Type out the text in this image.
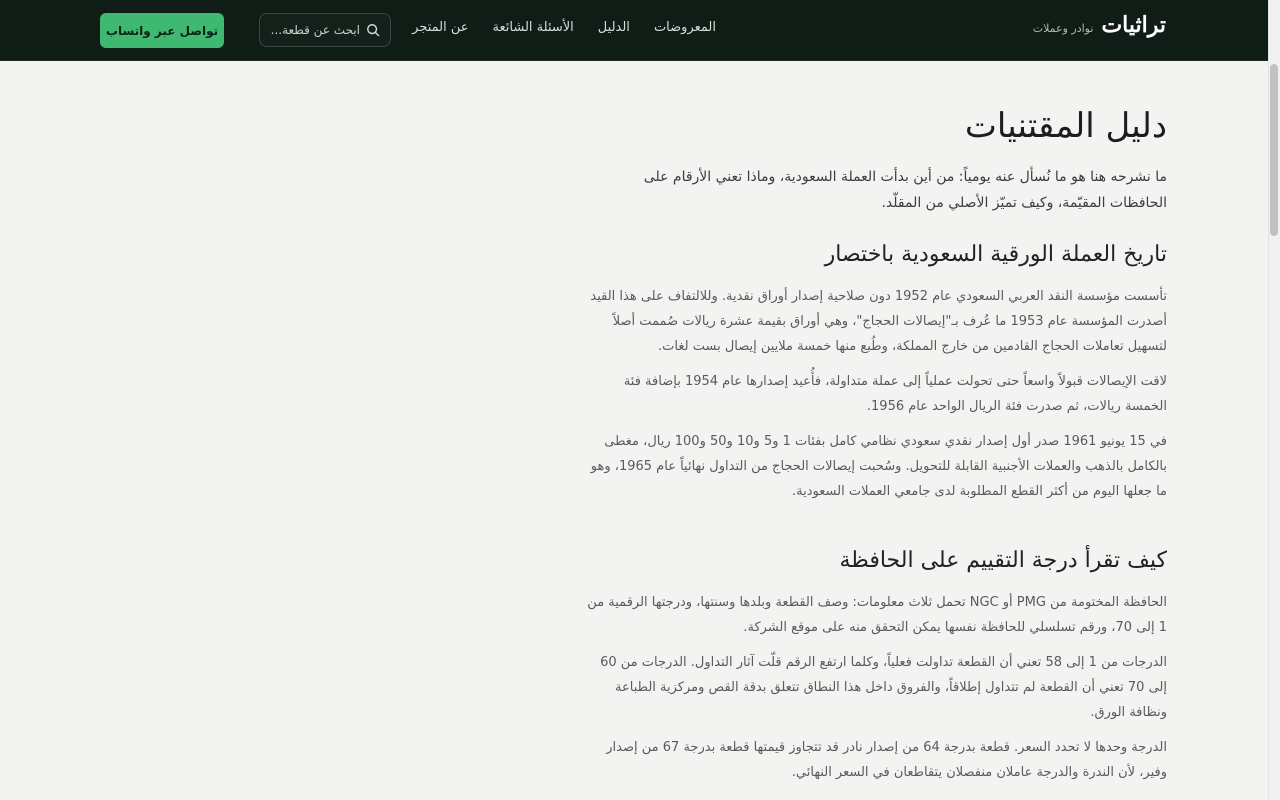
تراثيات
نوادر وعملات
المعروضات
الدليل
الأسئلة الشائعة
عن المتجر
ابحث عن قطعة...
تواصل عبر واتساب
دليل المقتنيات

ما نشرحه هنا هو ما نُسأل عنه يومياً: من أين بدأت العملة السعودية، وماذا تعني الأرقام على الحافظات المقيّمة، وكيف تميّز الأصلي من المقلّد.

تاريخ العملة الورقية السعودية باختصار

تأسست مؤسسة النقد العربي السعودي عام 1952 دون صلاحية إصدار أوراق نقدية. وللالتفاف على هذا القيد أصدرت المؤسسة عام 1953 ما عُرف بـ"إيصالات الحجاج"، وهي أوراق بقيمة عشرة ريالات صُممت أصلاً لتسهيل تعاملات الحجاج القادمين من خارج المملكة، وطُبع منها خمسة ملايين إيصال بست لغات.

لاقت الإيصالات قبولاً واسعاً حتى تحولت عملياً إلى عملة متداولة، فأُعيد إصدارها عام 1954 بإضافة فئة الخمسة ريالات، ثم صدرت فئة الريال الواحد عام 1956.

في 15 يونيو 1961 صدر أول إصدار نقدي سعودي نظامي كامل بفئات 1 و5 و10 و50 و100 ريال، مغطى بالكامل بالذهب والعملات الأجنبية القابلة للتحويل. وسُحبت إيصالات الحجاج من التداول نهائياً عام 1965، وهو ما جعلها اليوم من أكثر القطع المطلوبة لدى جامعي العملات السعودية.

كيف تقرأ درجة التقييم على الحافظة

الحافظة المختومة من PMG أو NGC تحمل ثلاث معلومات: وصف القطعة وبلدها وسنتها، ودرجتها الرقمية من 1 إلى 70، ورقم تسلسلي للحافظة نفسها يمكن التحقق منه على موقع الشركة.

الدرجات من 1 إلى 58 تعني أن القطعة تداولت فعلياً، وكلما ارتفع الرقم قلّت آثار التداول. الدرجات من 60 إلى 70 تعني أن القطعة لم تتداول إطلاقاً، والفروق داخل هذا النطاق تتعلق بدقة القص ومركزية الطباعة ونظافة الورق.

الدرجة وحدها لا تحدد السعر. قطعة بدرجة 64 من إصدار نادر قد تتجاوز قيمتها قطعة بدرجة 67 من إصدار وفير، لأن الندرة والدرجة عاملان منفصلان يتقاطعان في السعر النهائي.
